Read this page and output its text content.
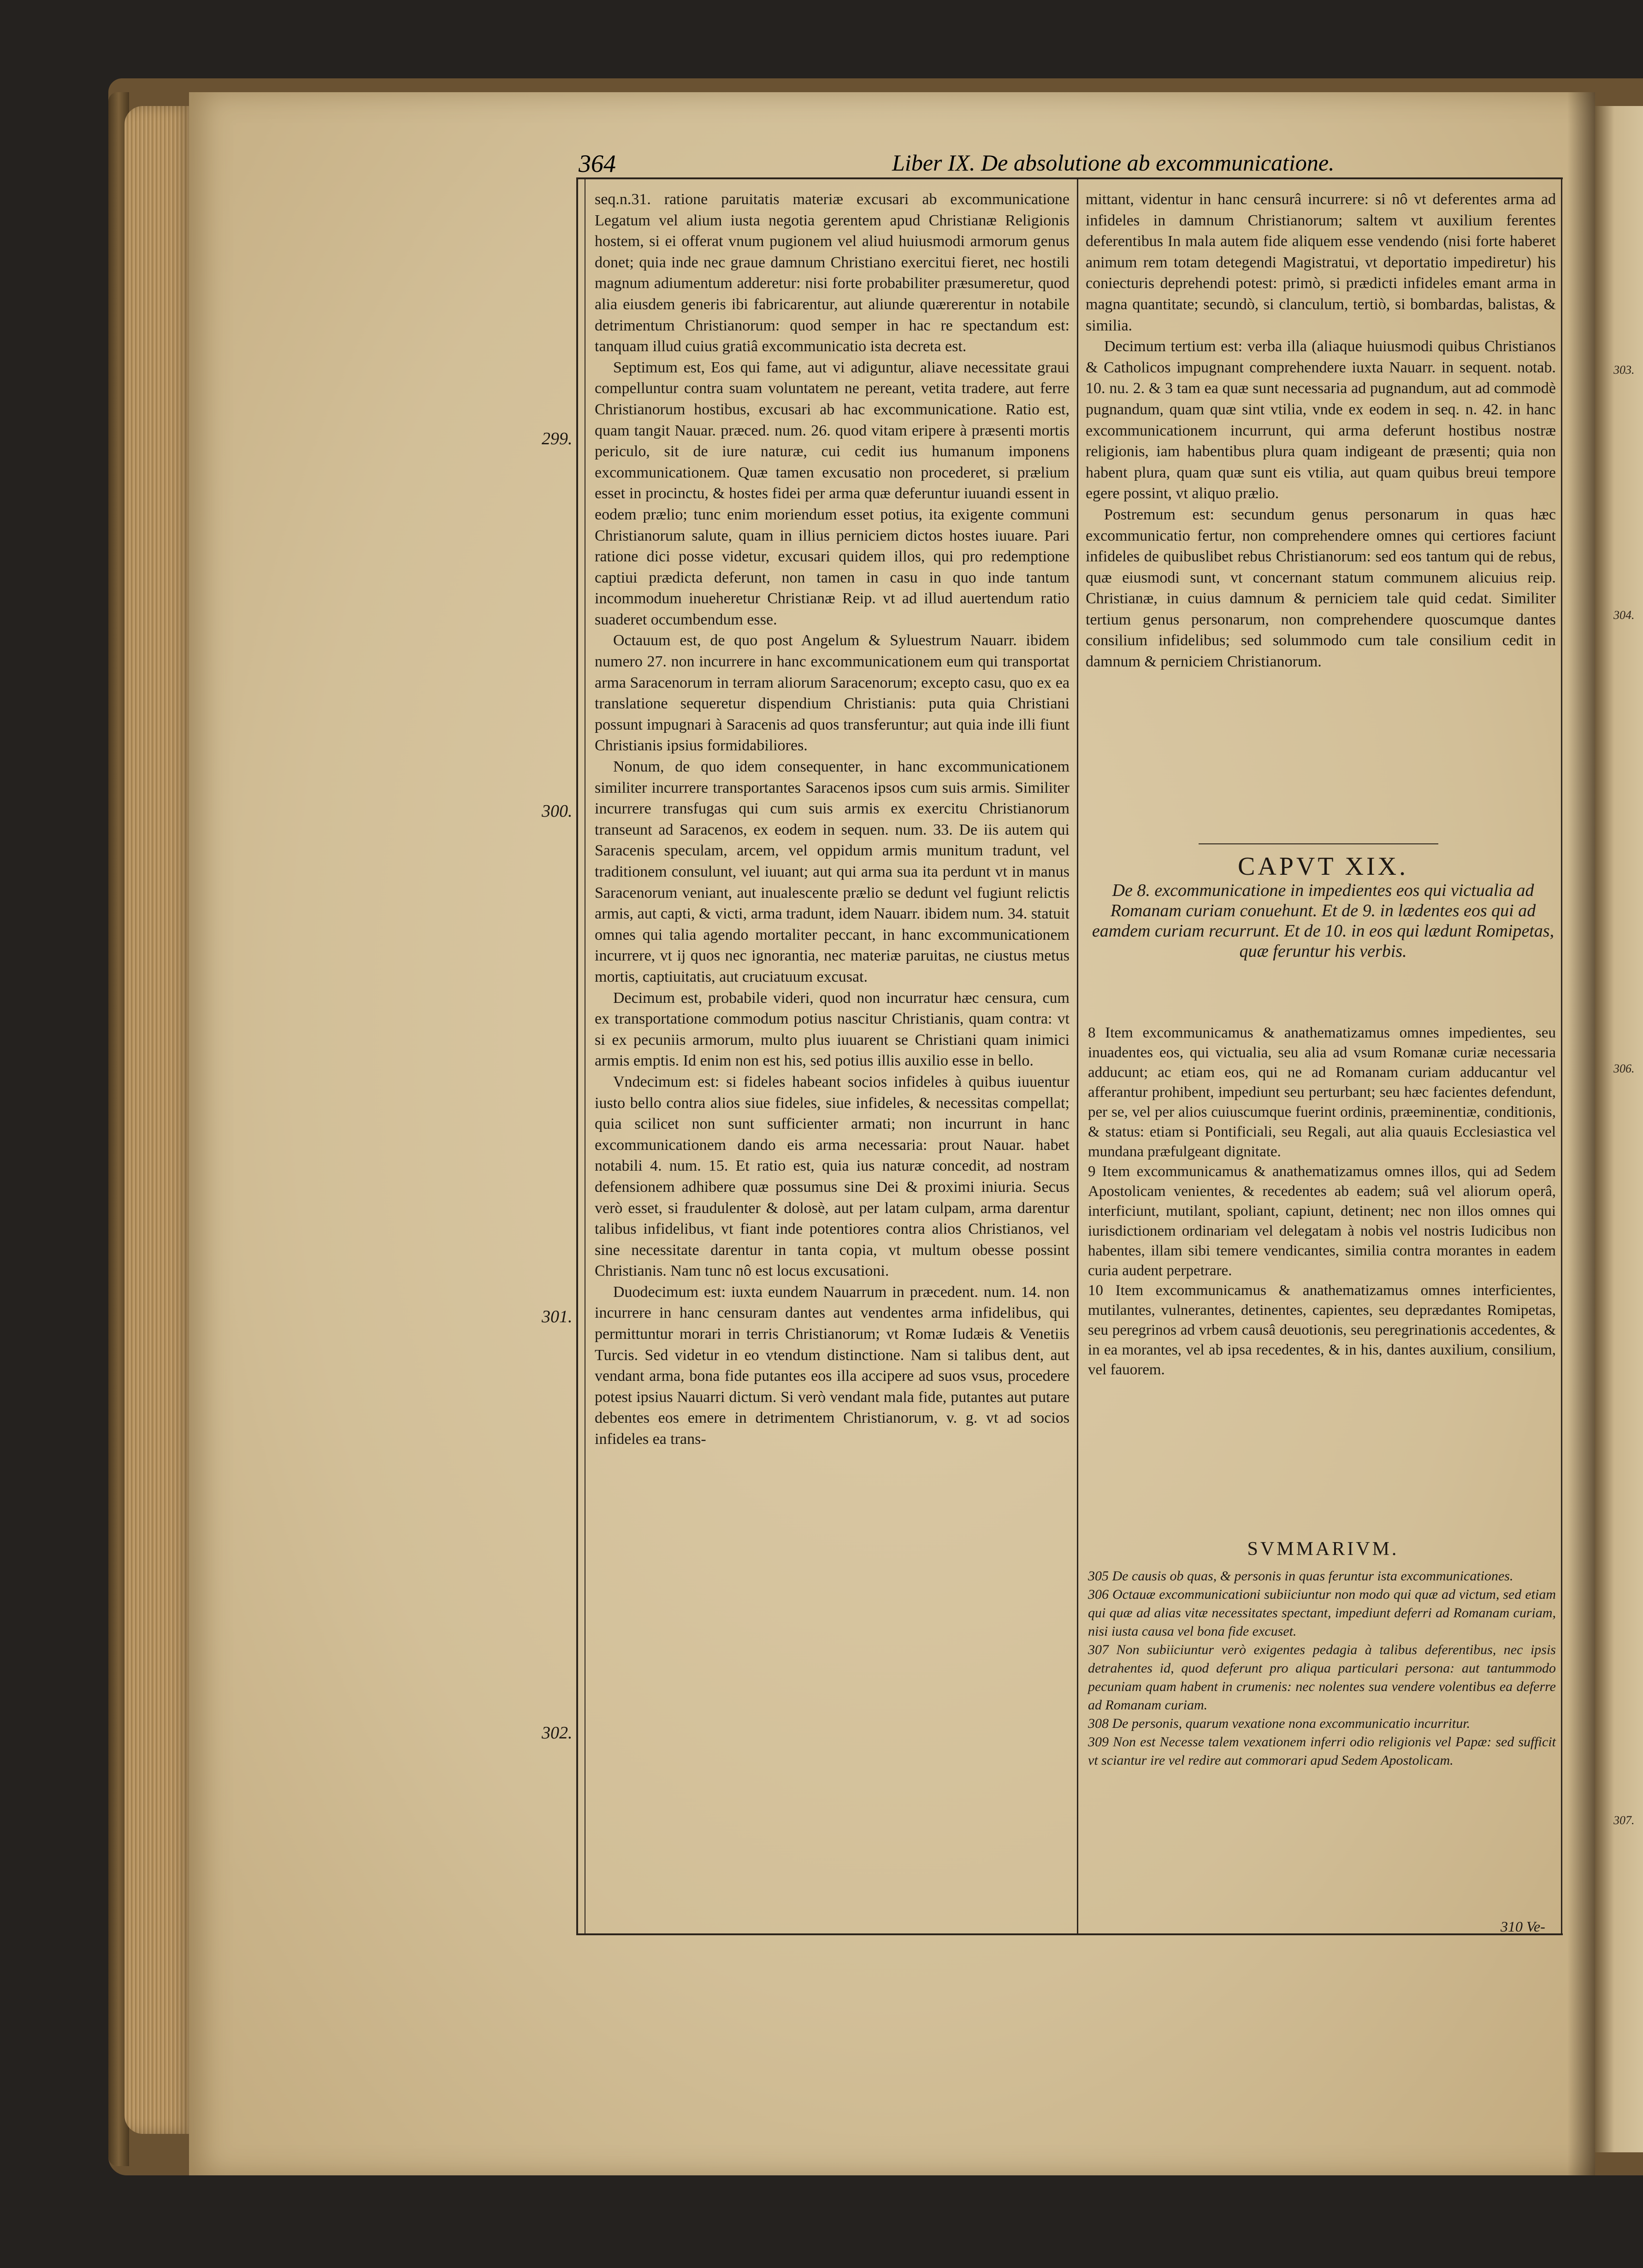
303.
304.
306.
307.
364	Liber IX. De absolutione ab excommunicatione.
299.
300.
301.
302.

seq.n.31. ratione paruitatis materiæ excusari ab excommunicatione Legatum vel alium iusta negotia gerentem apud Christianæ Religionis hostem, si ei offerat vnum pugionem vel aliud huiusmodi armorum genus donet; quia inde nec graue damnum Christiano exercitui fieret, nec hostili magnum adiumentum adderetur: nisi forte probabiliter præsumeretur, quod alia eiusdem generis ibi fabricarentur, aut aliunde quærerentur in notabile detrimentum Christianorum: quod semper in hac re spectandum est: tanquam illud cuius gratiâ excommunicatio ista decreta est.

Septimum est, Eos qui fame, aut vi adiguntur, aliave necessitate graui compelluntur contra suam voluntatem ne pereant, vetita tradere, aut ferre Christianorum hostibus, excusari ab hac excommunicatione. Ratio est, quam tangit Nauar. præced. num. 26. quod vitam eripere à præsenti mortis periculo, sit de iure naturæ, cui cedit ius humanum imponens excommunicationem. Quæ tamen excusatio non procederet, si prælium esset in procinctu, & hostes fidei per arma quæ deferuntur iuuandi essent in eodem prælio; tunc enim moriendum esset potius, ita exigente communi Christianorum salute, quam in illius perniciem dictos hostes iuuare. Pari ratione dici posse videtur, excusari quidem illos, qui pro redemptione captiui prædicta deferunt, non tamen in casu in quo inde tantum incommodum inueheretur Christianæ Reip. vt ad illud auertendum ratio suaderet occumbendum esse.

Octauum est, de quo post Angelum & Syluestrum Nauarr. ibidem numero 27. non incurrere in hanc excommunicationem eum qui transportat arma Saracenorum in terram aliorum Saracenorum; excepto casu, quo ex ea translatione sequeretur dispendium Christianis: puta quia Christiani possunt impugnari à Saracenis ad quos transferuntur; aut quia inde illi fiunt Christianis ipsius formidabiliores.

Nonum, de quo idem consequenter, in hanc excommunicationem similiter incurrere transportantes Saracenos ipsos cum suis armis. Similiter incurrere transfugas qui cum suis armis ex exercitu Christianorum transeunt ad Saracenos, ex eodem in sequen. num. 33. De iis autem qui Saracenis speculam, arcem, vel oppidum armis munitum tradunt, vel traditionem consulunt, vel iuuant; aut qui arma sua ita perdunt vt in manus Saracenorum veniant, aut inualescente prælio se dedunt vel fugiunt relictis armis, aut capti, & victi, arma tradunt, idem Nauarr. ibidem num. 34. statuit omnes qui talia agendo mortaliter peccant, in hanc excommunicationem incurrere, vt ij quos nec ignorantia, nec materiæ paruitas, ne ciustus metus mortis, captiuitatis, aut cruciatuum excusat.

Decimum est, probabile videri, quod non incurratur hæc censura, cum ex transportatione commodum potius nascitur Christianis, quam contra: vt si ex pecuniis armorum, multo plus iuuarent se Christiani quam inimici armis emptis. Id enim non est his, sed potius illis auxilio esse in bello.

Vndecimum est: si fideles habeant socios infideles à quibus iuuentur iusto bello contra alios siue fideles, siue infideles, & necessitas compellat; quia scilicet non sunt sufficienter armati; non incurrunt in hanc excommunicationem dando eis arma necessaria: prout Nauar. habet notabili 4. num. 15. Et ratio est, quia ius naturæ concedit, ad nostram defensionem adhibere quæ possumus sine Dei & proximi iniuria. Secus verò esset, si fraudulenter & dolosè, aut per latam culpam, arma darentur talibus infidelibus, vt fiant inde potentiores contra alios Christianos, vel sine necessitate darentur in tanta copia, vt multum obesse possint Christianis. Nam tunc nô est locus excusationi.

Duodecimum est: iuxta eundem Nauarrum in præcedent. num. 14. non incurrere in hanc censuram dantes aut vendentes arma infidelibus, qui permittuntur morari in terris Christianorum; vt Romæ Iudæis & Venetiis Turcis. Sed videtur in eo vtendum distinctione. Nam si talibus dent, aut vendant arma, bona fide putantes eos illa accipere ad suos vsus, procedere potest ipsius Nauarri dictum. Si verò vendant mala fide, putantes aut putare debentes eos emere in detrimentem Christianorum, v. g. vt ad socios infideles ea trans-

mittant, videntur in hanc censurâ incurrere: si nô vt deferentes arma ad infideles in damnum Christianorum; saltem vt auxilium ferentes deferentibus In mala autem fide aliquem esse vendendo (nisi forte haberet animum rem totam detegendi Magistratui, vt deportatio impediretur) his coniecturis deprehendi potest: primò, si prædicti infideles emant arma in magna quantitate; secundò, si clanculum, tertiò, si bombardas, balistas, & similia.

Decimum tertium est: verba illa (aliaque huiusmodi quibus Christianos & Catholicos impugnant comprehendere iuxta Nauarr. in sequent. notab. 10. nu. 2. & 3 tam ea quæ sunt necessaria ad pugnandum, aut ad commodè pugnandum, quam quæ sint vtilia, vnde ex eodem in seq. n. 42. in hanc excommunicationem incurrunt, qui arma deferunt hostibus nostræ religionis, iam habentibus plura quam indigeant de præsenti; quia non habent plura, quam quæ sunt eis vtilia, aut quam quibus breui tempore egere possint, vt aliquo prælio.

Postremum est: secundum genus personarum in quas hæc excommunicatio fertur, non comprehendere omnes qui certiores faciunt infideles de quibuslibet rebus Christianorum: sed eos tantum qui de rebus, quæ eiusmodi sunt, vt concernant statum communem alicuius reip. Christianæ, in cuius damnum & perniciem tale quid cedat. Similiter tertium genus personarum, non comprehendere quoscumque dantes consilium infidelibus; sed solummodo cum tale consilium cedit in damnum & perniciem Christianorum.

CAPVT XIX.
De 8. excommunicatione in impedientes eos qui victualia ad Romanam curiam conuehunt. Et de 9. in lædentes eos qui ad eamdem curiam recurrunt. Et de 10. in eos qui lædunt Romipetas, quæ feruntur his verbis.

8 Item excommunicamus & anathematizamus omnes impedientes, seu inuadentes eos, qui victualia, seu alia ad vsum Romanæ curiæ necessaria adducunt; ac etiam eos, qui ne ad Romanam curiam adducantur vel afferantur prohibent, impediunt seu perturbant; seu hæc facientes defendunt, per se, vel per alios cuiuscumque fuerint ordinis, præeminentiæ, conditionis, & status: etiam si Pontificiali, seu Regali, aut alia quauis Ecclesiastica vel mundana præfulgeant dignitate.

9 Item excommunicamus & anathematizamus omnes illos, qui ad Sedem Apostolicam venientes, & recedentes ab eadem; suâ vel aliorum operâ, interficiunt, mutilant, spoliant, capiunt, detinent; nec non illos omnes qui iurisdictionem ordinariam vel delegatam à nobis vel nostris Iudicibus non habentes, illam sibi temere vendicantes, similia contra morantes in eadem curia audent perpetrare.

10 Item excommunicamus & anathematizamus omnes interficientes, mutilantes, vulnerantes, detinentes, capientes, seu deprædantes Romipetas, seu peregrinos ad vrbem causâ deuotionis, seu peregrinationis accedentes, & in ea morantes, vel ab ipsa recedentes, & in his, dantes auxilium, consilium, vel fauorem.

SVMMARIVM.

305 De causis ob quas, & personis in quas feruntur ista excommunicationes.

306 Octauæ excommunicationi subiiciuntur non modo qui quæ ad victum, sed etiam qui quæ ad alias vitæ necessitates spectant, impediunt deferri ad Romanam curiam, nisi iusta causa vel bona fide excuset.

307 Non subiiciuntur verò exigentes pedagia à talibus deferentibus, nec ipsis detrahentes id, quod deferunt pro aliqua particulari persona: aut tantummodo pecuniam quam habent in crumenis: nec nolentes sua vendere volentibus ea deferre ad Romanam curiam.

308 De personis, quarum vexatione nona excommunicatio incurritur.

309 Non est Necesse talem vexationem inferri odio religionis vel Papæ: sed sufficit vt sciantur ire vel redire aut commorari apud Sedem Apostolicam.

310 Ve-
